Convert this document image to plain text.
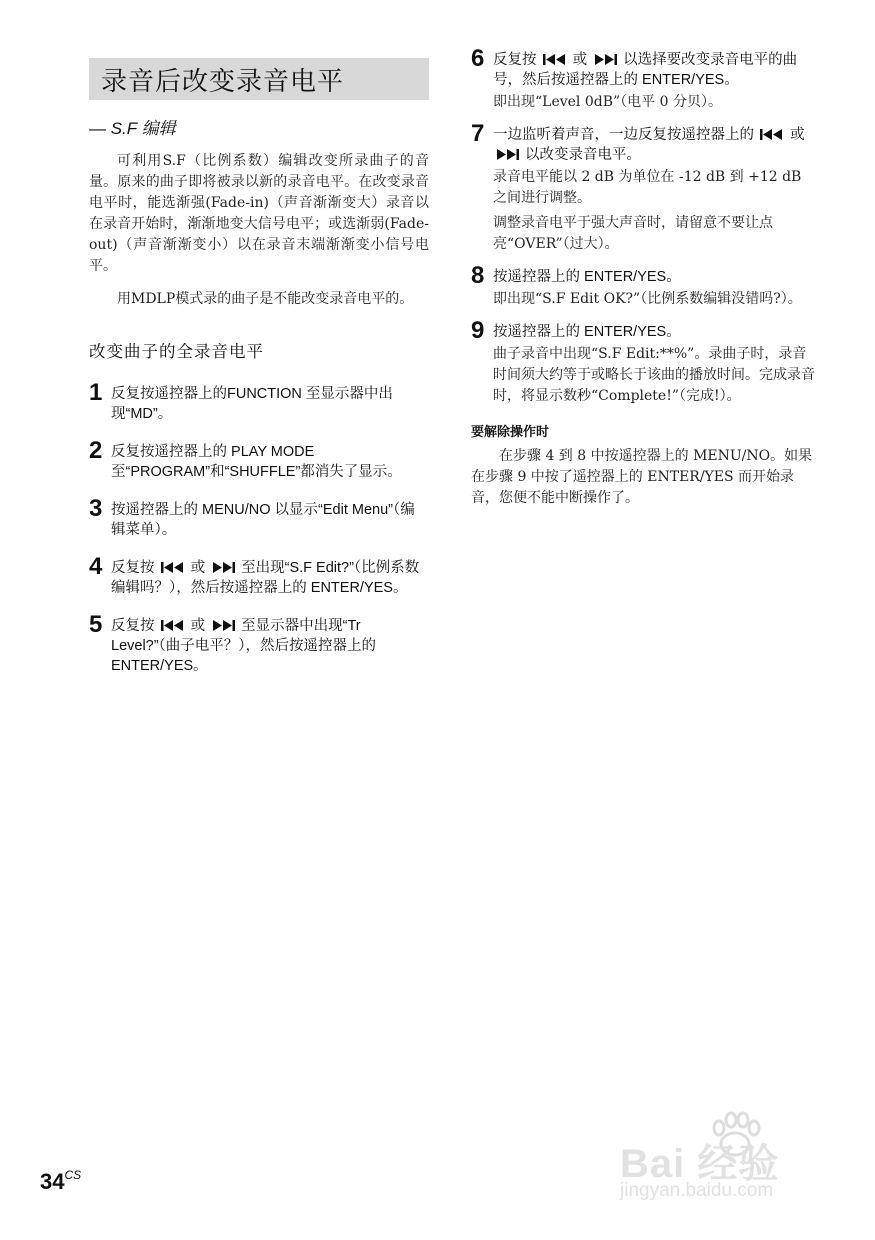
录音后改变录音电平
— S.F 编辑
可利用S.F（比例系数）编辑改变所录曲子的音量。原来的曲子即将被录以新的录音电平。在改变录音电平时，能选渐强(Fade-in)（声音渐渐变大）录音以在录音开始时，渐渐地变大信号电平；或选渐弱(Fade-out)（声音渐渐变小）以在录音末端渐渐变小信号电平。
用MDLP模式录的曲子是不能改变录音电平的。
改变曲子的全录音电平
1 反复按遥控器上的FUNCTION 至显示器中出现“MD”。
2 反复按遥控器上的 PLAY MODE 至“PROGRAM”和“SHUFFLE”都消失了显示。
3 按遥控器上的 MENU/NO 以显示“Edit Menu”（编辑菜单）。
4 反复按 或 至出现“S.F Edit?”（比例系数编辑吗？），然后按遥控器上的 ENTER/YES。
5 反复按 或 至显示器中出现“Tr Level?”（曲子电平？），然后按遥控器上的 ENTER/YES。
6 反复按 或 以选择要改变录音电平的曲号，然后按遥控器上的 ENTER/YES。

即出现“Level 0dB”（电平 0 分贝）。

7 一边监听着声音，一边反复按遥控器上的 或
以改变录音电平。

录音电平能以 2 dB 为单位在 -12 dB 到 +12 dB 之间进行调整。

调整录音电平于强大声音时，请留意不要让点亮“OVER”（过大）。

8 按遥控器上的 ENTER/YES。

即出现“S.F Edit OK?”（比例系数编辑没错吗?）。

9 按遥控器上的 ENTER/YES。

曲子录音中出现“S.F Edit:**%”。录曲子时，录音时间须大约等于或略长于该曲的播放时间。完成录音时，将显示数秒“Complete!”（完成!）。

要解除操作时
在步骤 4 到 8 中按遥控器上的 MENU/NO。如果在步骤 9 中按了遥控器上的 ENTER/YES 而开始录音，您便不能中断操作了。
$34^{CS}$	Bai 经验
jingyan.baidu.com
